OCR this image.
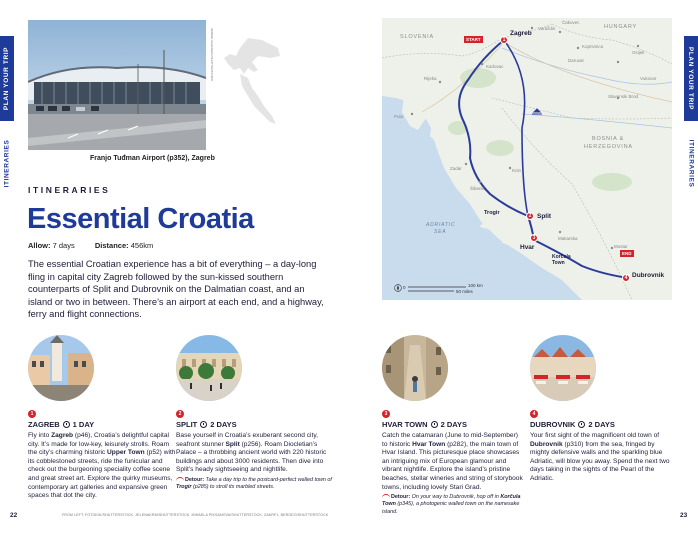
PLAN YOUR TRIP
ITINERARIES
PLAN YOUR TRIP
ITINERARIES
SERGEI ALEKSEEV/SHUTTERSTOCK
Franjo Tuđman Airport (p352), Zagreb
ITINERARIES
Essential Croatia
Allow: 7 days	Distance: 456km

The essential Croatian experience has a bit of everything – a day-long fling in capital city Zagreb followed by the sun-kissed southern counterparts of Split and Dubrovnik on the Dalmatian coast, and an island or two in between. There’s an airport at each end, and a highway, ferry and flight connections.

SLOVENIA
HUNGARY
BOSNIA &
HERZEGOVINA
ADRIATIC
SEA
Varaždin
Čakovec
Koprivnica
Daruvar
Osijek
Vukovar
Karlovac
Rijeka
Pula
Zadar
Šibenik
Knin
Mostar
Slavonski Brod
Makarska
START	1
Zagreb
Trogir	2 Split
3
Hvar
Korčula Town
END
4 Dubrovnik
0	100 km
50 miles
1
ZAGREB 1 DAY

Fly into Zagreb (p46), Croatia’s delightful capital city. It’s made for low-key, leisurely strolls. Roam the city’s charming historic Upper Town (p52) with its cobblestoned streets, ride the funicular and check out the burgeoning speciality coffee scene and great street art. Explore the quirky museums, contemporary art galleries and expansive green spaces that dot the city.

2
SPLIT 2 DAYS

Base yourself in Croatia’s exuberant second city, seafront stunner Split (p256). Roam Diocletian’s Palace – a throbbing ancient world with 220 historic buildings and about 3000 residents. Then dive into Split’s heady sightseeing and nightlife.

Detour: Take a day trip to the postcard-perfect walled town of Trogir (p285) to stroll its marbled streets.

3
HVAR TOWN 2 DAYS

Catch the catamaran (June to mid-September) to historic Hvar Town (p282), the main town of Hvar Island. This picturesque place showcases an intriguing mix of European glamour and vibrant nightlife. Explore the island’s pristine beaches, stellar wineries and string of storybook towns, including lovely Stari Grad.

Detour: On your way to Dubrovnik, hop off in Korčula Town (p345), a photogenic walled town on the namesake island.

4
DUBROVNIK 2 DAYS

Your first sight of the magnificent old town of Dubrovnik (p310) from the sea, fringed by mighty defensive walls and the sparkling blue Adriatic, will blow you away. Spend the next two days taking in the sights of the Pearl of the Adriatic.

22	FROM LEFT: FOTOKIK/SHUTTERSTOCK, JELENAKRM/SHUTTERSTOCK, MIHAELA PIKSANOVA/SHUTTERSTOCK, ZAKRF1, BEROEO/SHUTTERSTOCK	23
